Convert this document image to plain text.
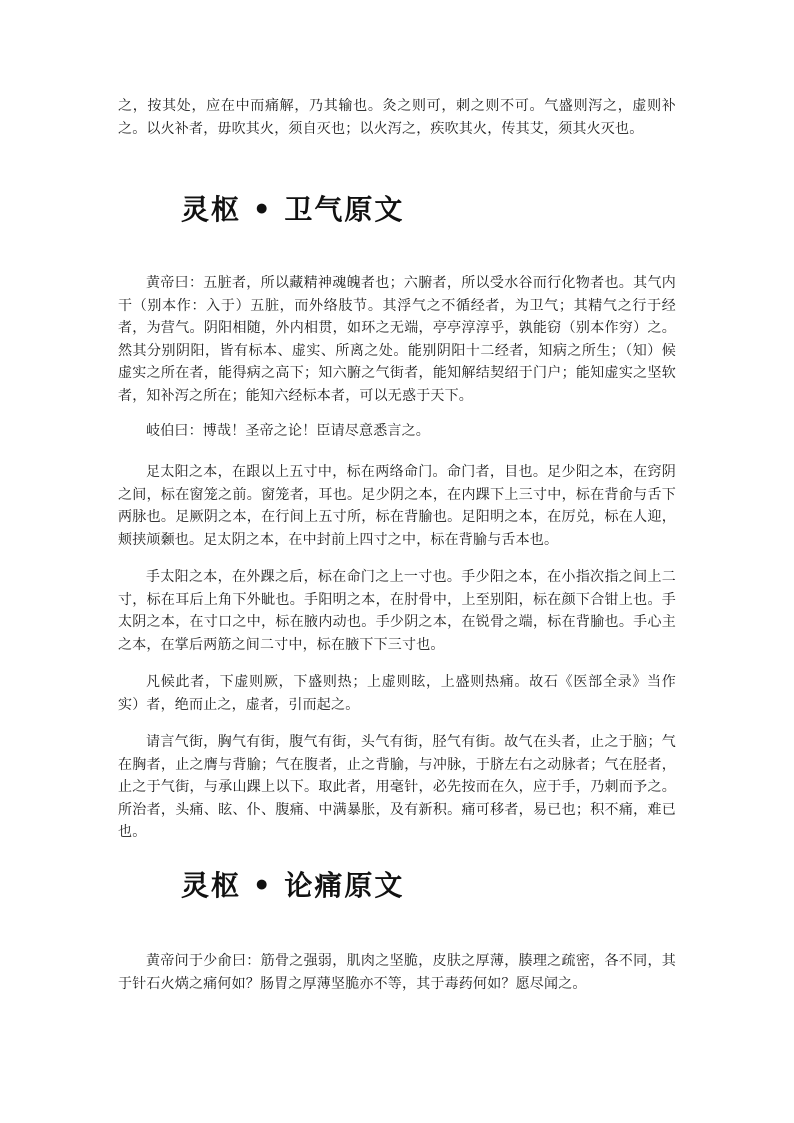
之，按其处，应在中而痛解，乃其输也。灸之则可，刺之则不可。气盛则泻之，虚则补之。以火补者，毋吹其火，须自灭也；以火泻之，疾吹其火，传其艾，须其火灭也。

灵枢 • 卫气原文

黄帝曰：五脏者，所以藏精神魂魄者也；六腑者，所以受水谷而行化物者也。其气内干（别本作：入于）五脏，而外络肢节。其浮气之不循经者，为卫气；其精气之行于经者，为营气。阴阳相随，外内相贯，如环之无端，亭亭淳淳乎，孰能窃（别本作穷）之。然其分别阴阳，皆有标本、虚实、所离之处。能别阴阳十二经者，知病之所生；（知）候虚实之所在者，能得病之高下；知六腑之气街者，能知解结契绍于门户；能知虚实之坚软者，知补泻之所在；能知六经标本者，可以无惑于天下。

岐伯曰：博哉！圣帝之论！臣请尽意悉言之。

足太阳之本，在跟以上五寸中，标在两络命门。命门者，目也。足少阳之本，在窍阴之间，标在窗笼之前。窗笼者，耳也。足少阴之本，在内踝下上三寸中，标在背俞与舌下两脉也。足厥阴之本，在行间上五寸所，标在背腧也。足阳明之本，在厉兑，标在人迎，颊挟颃颡也。足太阴之本，在中封前上四寸之中，标在背腧与舌本也。

手太阳之本，在外踝之后，标在命门之上一寸也。手少阳之本，在小指次指之间上二寸，标在耳后上角下外眦也。手阳明之本，在肘骨中，上至别阳，标在颜下合钳上也。手太阴之本，在寸口之中，标在腋内动也。手少阴之本，在锐骨之端，标在背腧也。手心主之本，在掌后两筋之间二寸中，标在腋下下三寸也。

凡候此者，下虚则厥，下盛则热；上虚则眩，上盛则热痛。故石《医部全录》当作实）者，绝而止之，虚者，引而起之。

请言气街，胸气有街，腹气有街，头气有街，胫气有街。故气在头者，止之于脑；气在胸者，止之膺与背腧；气在腹者，止之背腧，与冲脉，于脐左右之动脉者；气在胫者，止之于气街，与承山踝上以下。取此者，用毫针，必先按而在久，应于手，乃刺而予之。所治者，头痛、眩、仆、腹痛、中满暴胀，及有新积。痛可移者，易已也；积不痛，难已也。

灵枢 • 论痛原文

黄帝问于少俞曰：筋骨之强弱，肌肉之坚脆，皮肤之厚薄，腠理之疏密，各不同，其于针石火焫之痛何如？肠胃之厚薄坚脆亦不等，其于毒药何如？愿尽闻之。
